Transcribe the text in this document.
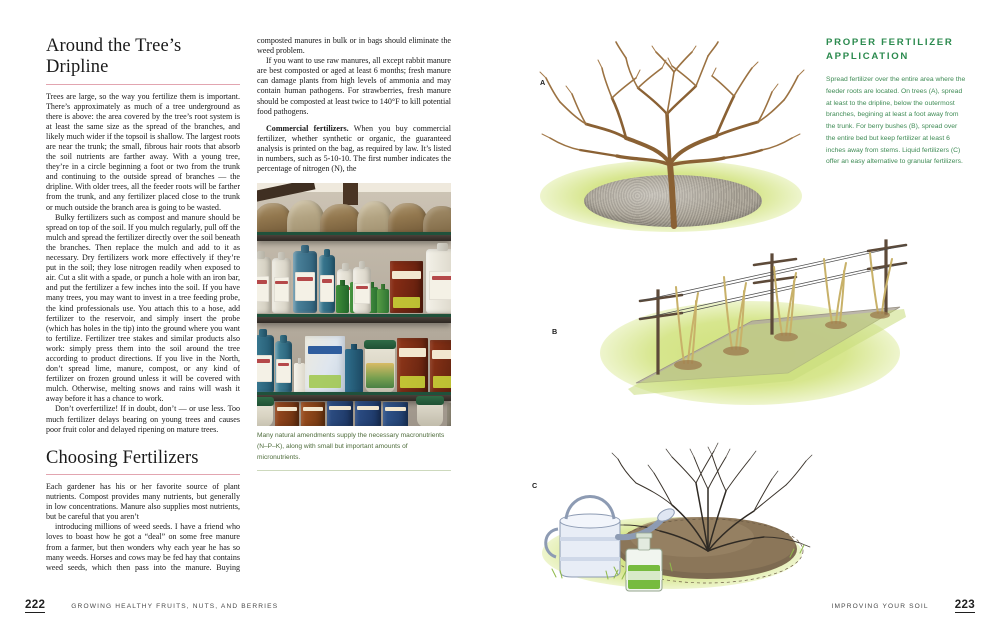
Around the Tree’s Dripline

Trees are large, so the way you fertilize them is important. There’s approximately as much of a tree underground as there is above: the area covered by the tree’s root system is at least the same size as the spread of the branches, and likely much wider if the topsoil is shallow. The largest roots are near the trunk; the small, fibrous hair roots that absorb the soil nutrients are farther away. With a young tree, they’re in a circle beginning a foot or two from the trunk and continuing to the outside spread of branches — the dripline. With older trees, all the feeder roots will be farther from the trunk, and any fertilizer placed close to the trunk or much outside the branch area is going to be wasted.

Bulky fertilizers such as compost and manure should be spread on top of the soil. If you mulch regularly, pull off the mulch and spread the fertilizer directly over the soil beneath the branches. Then replace the mulch and add to it as necessary. Dry fertilizers work more effectively if they’re put in the soil; they lose nitrogen readily when exposed to air. Cut a slit with a spade, or punch a hole with an iron bar, and put the fertilizer a few inches into the soil. If you have many trees, you may want to invest in a tree feeding probe, the kind professionals use. You attach this to a hose, add fertilizer to the reservoir, and simply insert the probe (which has holes in the tip) into the ground where you want to fertilize. Fertilizer tree stakes and similar products also work: simply press them into the soil around the tree according to product directions. If you live in the North, don’t spread lime, manure, compost, or any kind of fertilizer on frozen ground unless it will be covered with mulch. Otherwise, melting snows and rains will wash it away before it has a chance to work.

Don’t overfertilize! If in doubt, don’t — or use less. Too much fertilizer delays bearing on young trees and causes poor fruit color and delayed ripening on mature trees.

Choosing Fertilizers

Each gardener has his or her favorite source of plant nutrients. Compost provides many nutrients, but generally in low concentrations. Manure also supplies most nutrients, but be careful that you aren’t

introducing millions of weed seeds. I have a friend who loves to boast how he got a “deal” on some free manure from a farmer, but then wonders why each year he has so many weeds. Horses and cows may be fed hay that contains weed seeds, which then pass into the manure. Buying composted manures in bulk or in bags should eliminate the weed problem.

If you want to use raw manures, all except rabbit manure are best composted or aged at least 6 months; fresh manure can damage plants from high levels of ammonia and may contain human pathogens. For strawberries, fresh manure should be composted at least twice to 140°F to kill potential food pathogens.

Commercial fertilizers. When you buy commercial fertilizer, whether synthetic or organic, the guaranteed analysis is printed on the bag, as required by law. It’s listed in numbers, such as 5-10-10. The first number indicates the percentage of nitrogen (N), the

Many natural amendments supply the necessary macronutrients (N–P–K), along with small but important amounts of micronutrients.
222	GROWING HEALTHY FRUITS, NUTS, AND BERRIES
A
B
C
PROPER FERTILIZER APPLICATION

Spread fertilizer over the entire area where the feeder roots are located. On trees (A), spread at least to the dripline, below the outermost branches, begining at least a foot away from the trunk. For berry bushes (B), spread over the entire bed but keep fertilizer at least 6 inches away from stems. Liquid fertilizers (C) offer an easy alternative to granular fertilizers.

IMPROVING YOUR SOIL 223
